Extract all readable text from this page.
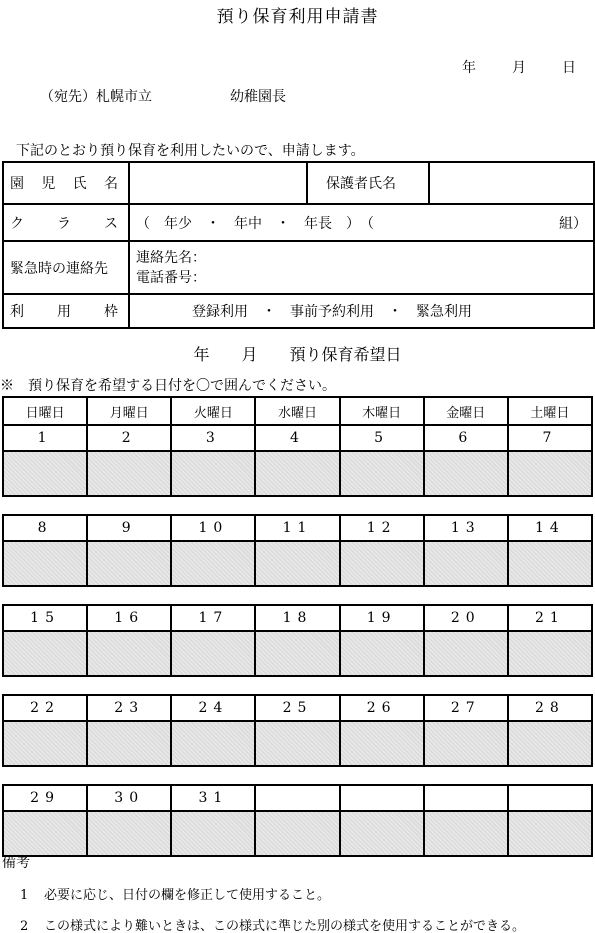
預り保育利用申請書
年	月	日
（宛先）札幌市立	幼稚園長
下記のとおり預り保育を利用したいので、申請します。
園 児 氏 名		保護者氏名	

ク ラ ス	（　年少　・　年中　・　年長　）　（ 組）		

緊急時の連絡先	連絡先名：
電話番号：		

利 用 枠	登録利用　・　事前予約利用　・　緊急利用		
年　　月　　預り保育希望日
※　預り保育を希望する日付を〇で囲んでください。
日曜日	月曜日	火曜日	水曜日	木曜日	金曜日	土曜日
1	2	3	4	5	6	7

8	9	10	11	12	13	14

15	16	17	18	19	20	21

22	23	24	25	26	27	28

29	30	31				

備考
1 必要に応じ、日付の欄を修正して使用すること。
2 この様式により難いときは、この様式に準じた別の様式を使用することができる。
